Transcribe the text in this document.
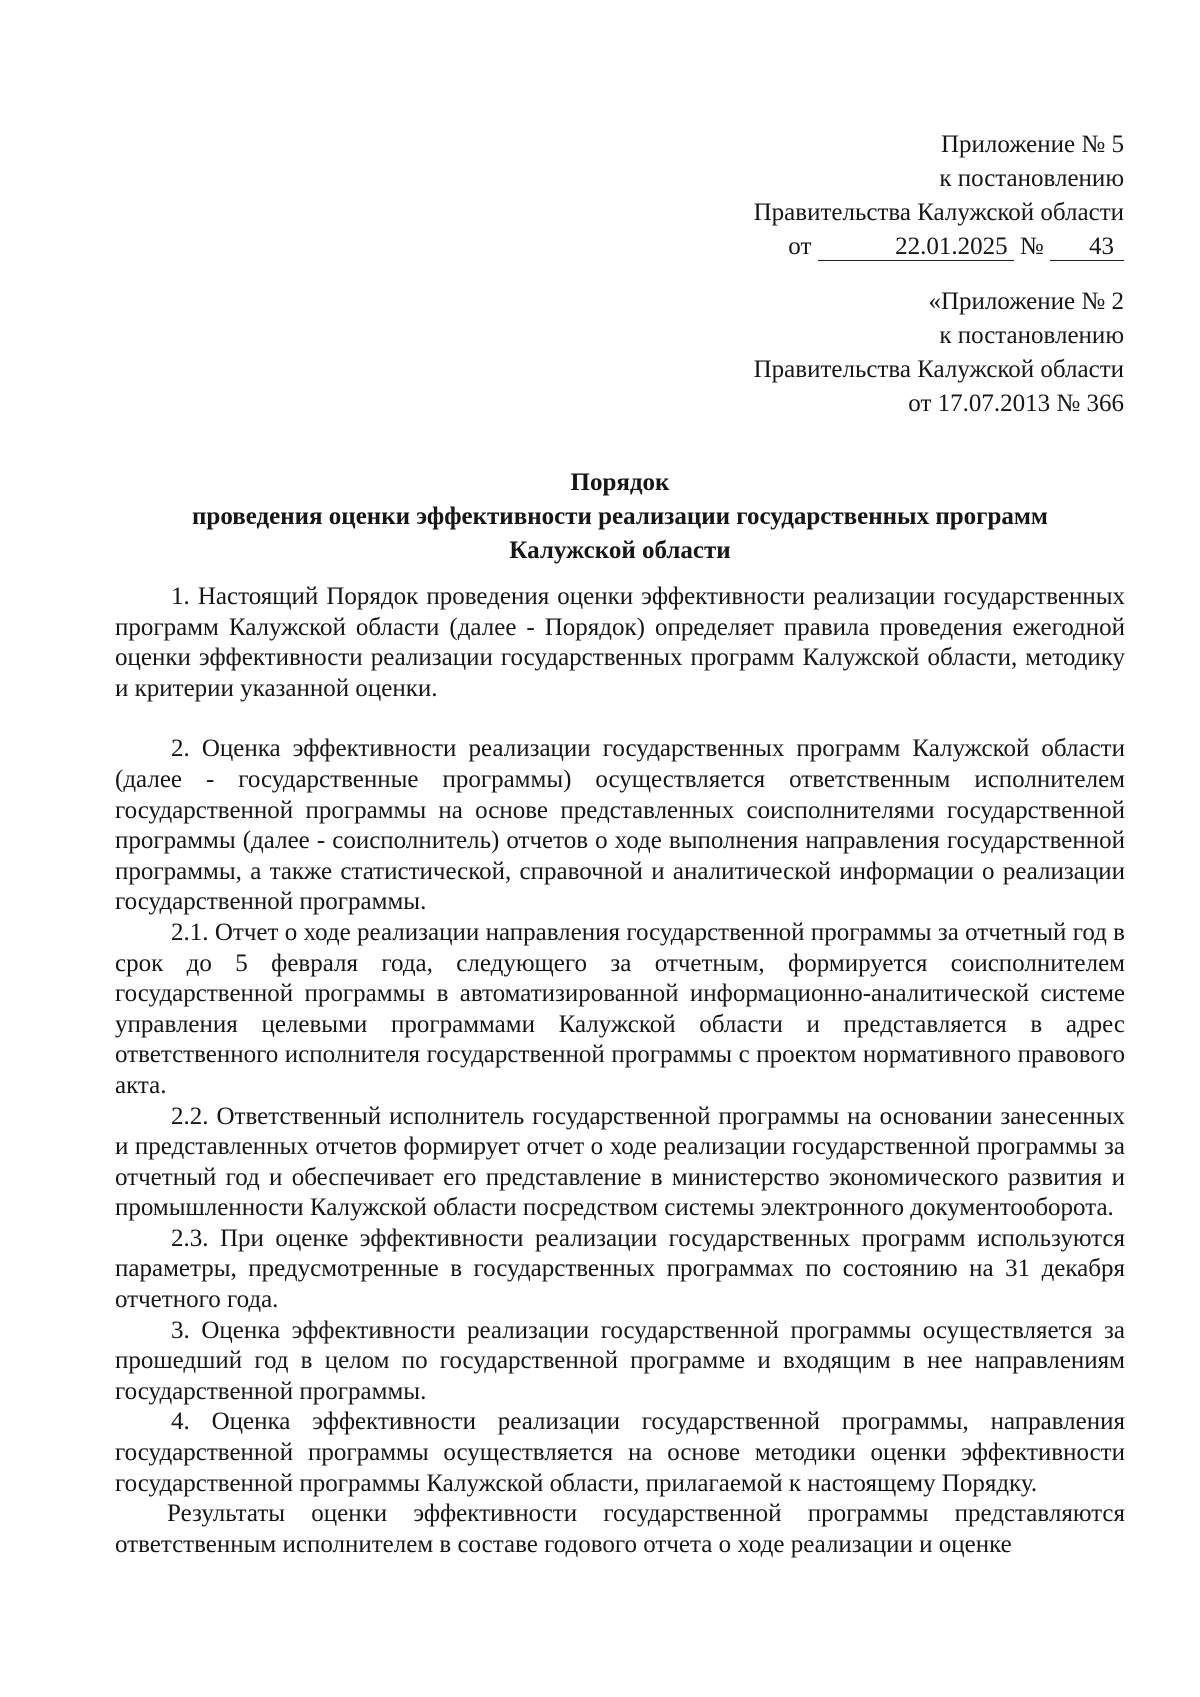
Приложение № 5
к постановлению
Правительства Калужской области
от	22.01.2025 № 43
«Приложение № 2
к постановлению
Правительства Калужской области
от 17.07.2013 № 366
Порядок
проведения оценки эффективности реализации государственных программ
Калужской области

1. Настоящий Порядок проведения оценки эффективности реализации государственных программ Калужской области (далее - Порядок) определяет правила проведения ежегодной оценки эффективности реализации государственных программ Калужской области, методику и критерии указанной оценки.

2. Оценка эффективности реализации государственных программ Калужской области (далее - государственные программы) осуществляется ответственным исполнителем государственной программы на основе представленных соисполнителями государственной программы (далее - соисполнитель) отчетов о ходе выполнения направления государственной программы, а также статистической, справочной и аналитической информации о реализации государственной программы.

2.1. Отчет о ходе реализации направления государственной программы за отчетный год в срок до 5 февраля года, следующего за отчетным, формируется соисполнителем государственной программы в автоматизированной информационно-аналитической системе управления целевыми программами Калужской области и представляется в адрес ответственного исполнителя государственной программы с проектом нормативного правового акта.

2.2. Ответственный исполнитель государственной программы на основании занесенных и представленных отчетов формирует отчет о ходе реализации государственной программы за отчетный год и обеспечивает его представление в министерство экономического развития и промышленности Калужской области посредством системы электронного документооборота.

2.3. При оценке эффективности реализации государственных программ используются параметры, предусмотренные в государственных программах по состоянию на 31 декабря отчетного года.

3. Оценка эффективности реализации государственной программы осуществляется за прошедший год в целом по государственной программе и входящим в нее направлениям государственной программы.

4. Оценка эффективности реализации государственной программы, направления государственной программы осуществляется на основе методики оценки эффективности государственной программы Калужской области, прилагаемой к настоящему Порядку.

Результаты оценки эффективности государственной программы представляются ответственным исполнителем в составе годового отчета о ходе реализации и оценке
